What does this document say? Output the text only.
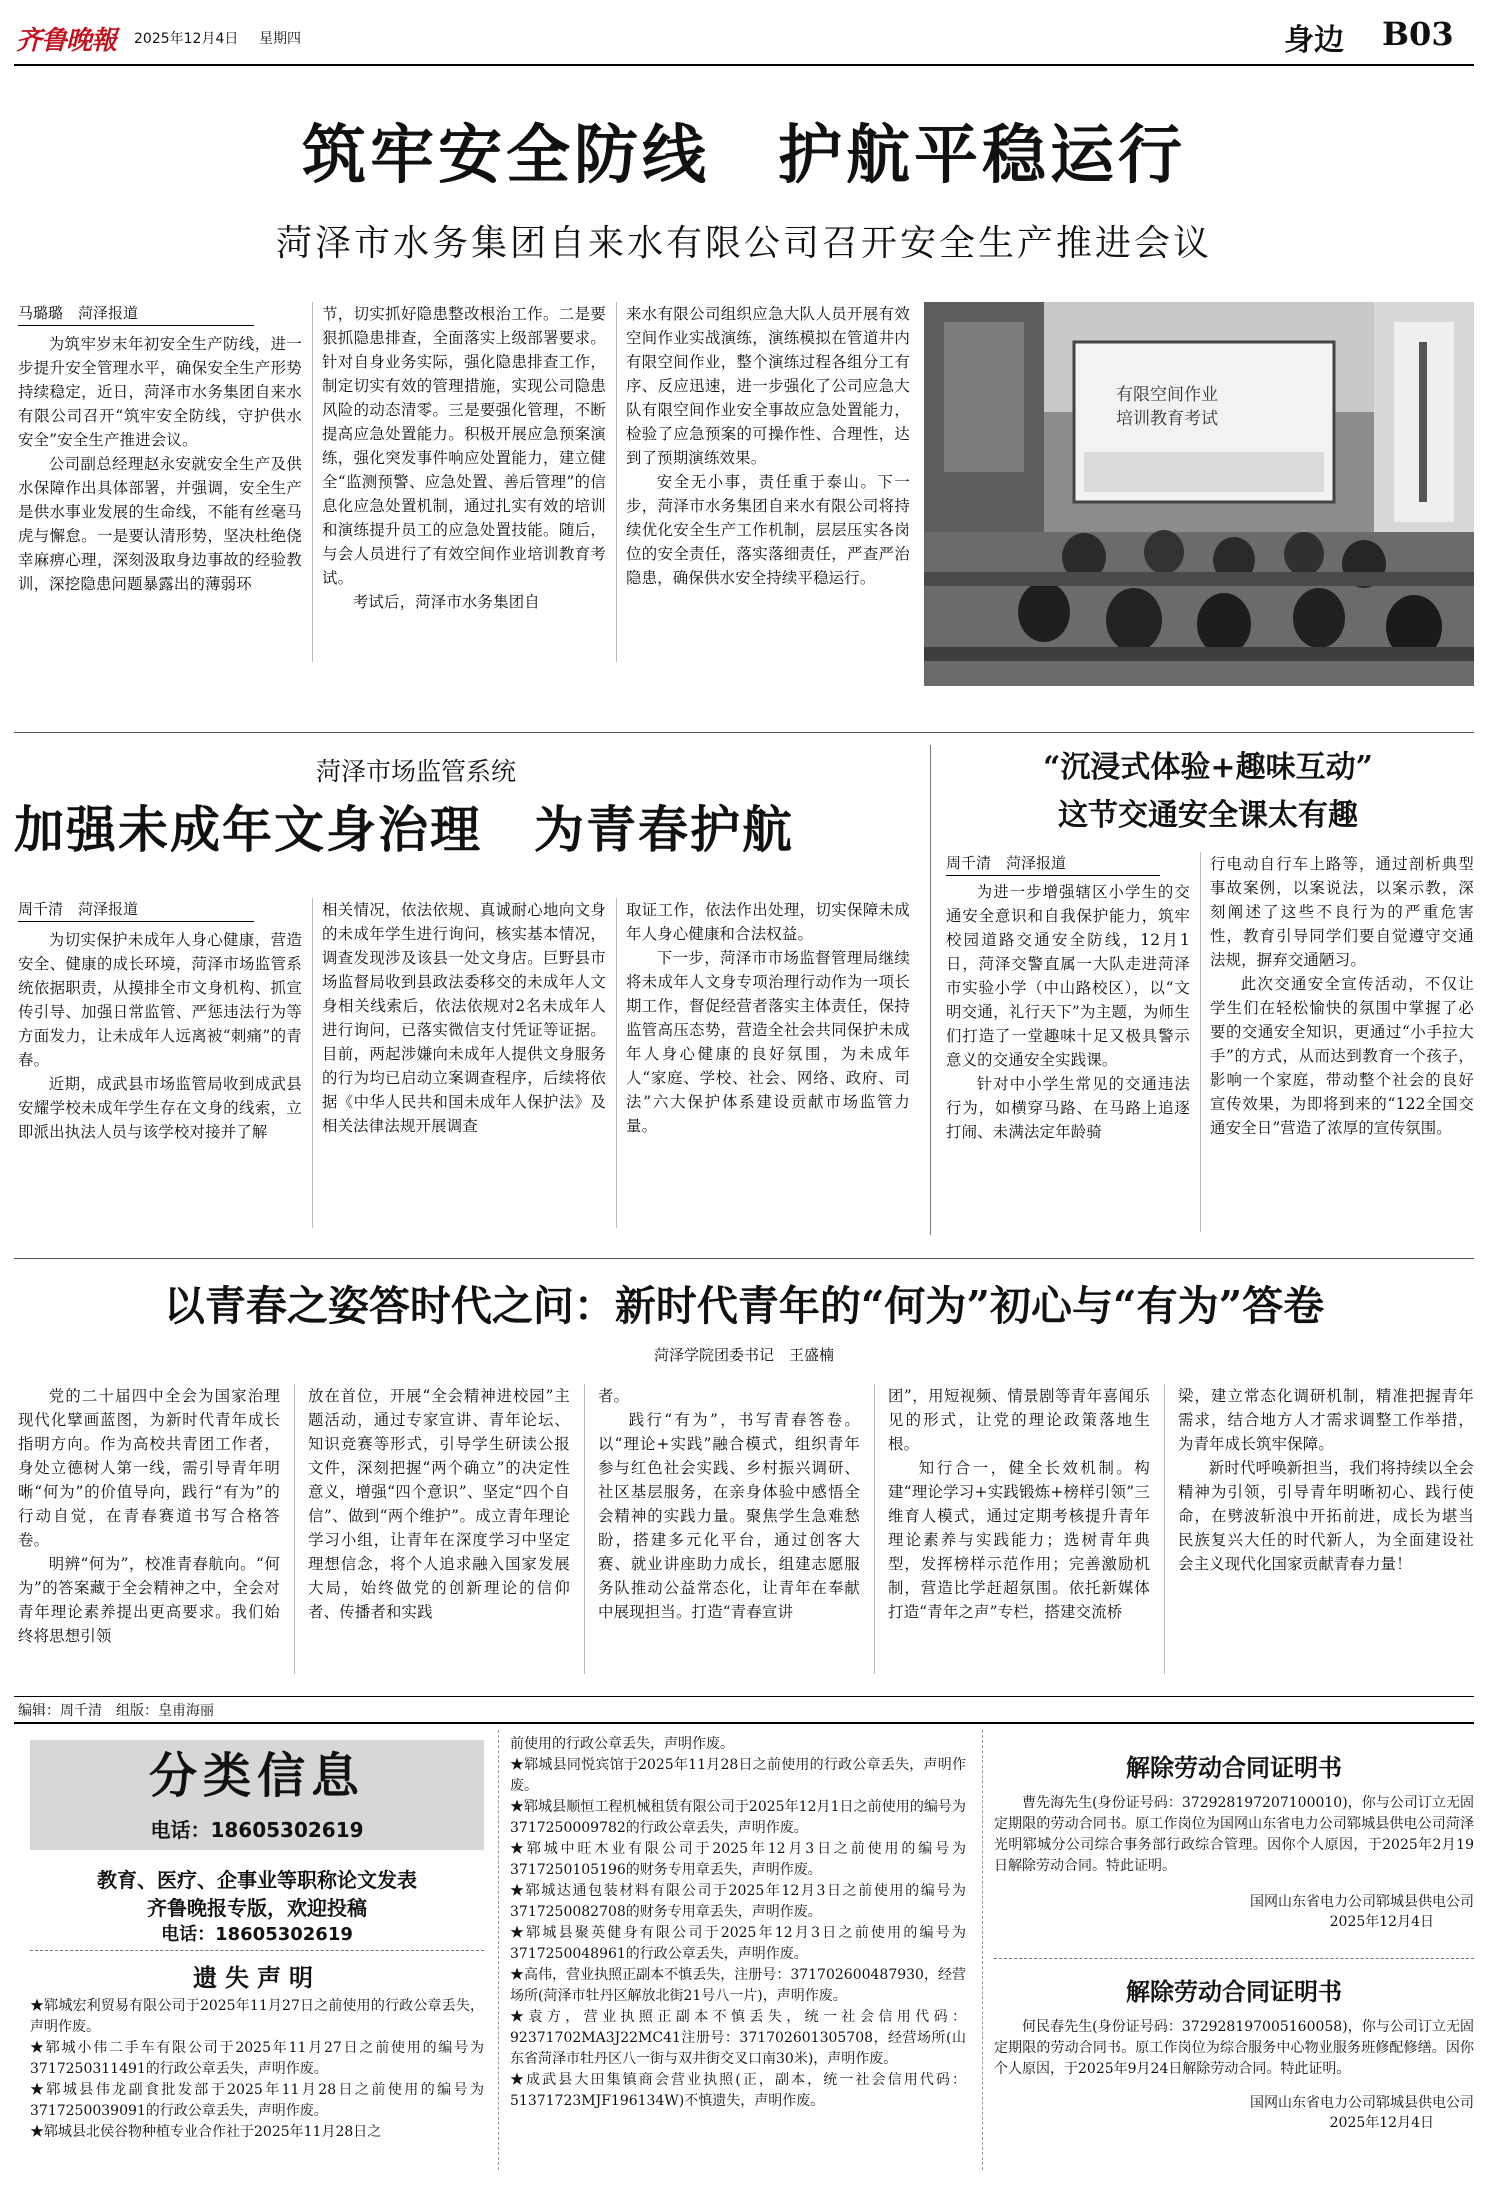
齐鲁晚報 2025年12月4日 星期四	身边 B03
筑牢安全防线　护航平稳运行
菏泽市水务集团自来水有限公司召开安全生产推进会议
马璐璐　菏泽报道

为筑牢岁末年初安全生产防线，进一步提升安全管理水平，确保安全生产形势持续稳定，近日，菏泽市水务集团自来水有限公司召开“筑牢安全防线，守护供水安全”安全生产推进会议。

公司副总经理赵永安就安全生产及供水保障作出具体部署，并强调，安全生产是供水事业发展的生命线，不能有丝毫马虎与懈怠。一是要认清形势，坚决杜绝侥幸麻痹心理，深刻汲取身边事故的经验教训，深挖隐患问题暴露出的薄弱环

节，切实抓好隐患整改根治工作。二是要狠抓隐患排查，全面落实上级部署要求。针对自身业务实际，强化隐患排查工作，制定切实有效的管理措施，实现公司隐患风险的动态清零。三是要强化管理，不断提高应急处置能力。积极开展应急预案演练，强化突发事件响应处置能力，建立健全“监测预警、应急处置、善后管理”的信息化应急处置机制，通过扎实有效的培训和演练提升员工的应急处置技能。随后，与会人员进行了有效空间作业培训教育考试。

考试后，菏泽市水务集团自

来水有限公司组织应急大队人员开展有效空间作业实战演练，演练模拟在管道井内有限空间作业，整个演练过程各组分工有序、反应迅速，进一步强化了公司应急大队有限空间作业安全事故应急处置能力，检验了应急预案的可操作性、合理性，达到了预期演练效果。

安全无小事，责任重于泰山。下一步，菏泽市水务集团自来水有限公司将持续优化安全生产工作机制，层层压实各岗位的安全责任，落实落细责任，严查严治隐患，确保供水安全持续平稳运行。

有限空间作业
培训教育考试
菏泽市场监管系统
加强未成年文身治理　为青春护航
周千清　菏泽报道

为切实保护未成年人身心健康，营造安全、健康的成长环境，菏泽市场监管系统依据职责，从摸排全市文身机构、抓宣传引导、加强日常监管、严惩违法行为等方面发力，让未成年人远离被“刺痛”的青春。

近期，成武县市场监管局收到成武县安耀学校未成年学生存在文身的线索，立即派出执法人员与该学校对接并了解

相关情况，依法依规、真诚耐心地向文身的未成年学生进行询问，核实基本情况，调查发现涉及该县一处文身店。巨野县市场监督局收到县政法委移交的未成年人文身相关线索后，依法依规对2名未成年人进行询问，已落实微信支付凭证等证据。目前，两起涉嫌向未成年人提供文身服务的行为均已启动立案调查程序，后续将依据《中华人民共和国未成年人保护法》及相关法律法规开展调查

取证工作，依法作出处理，切实保障未成年人身心健康和合法权益。

下一步，菏泽市市场监督管理局继续将未成年人文身专项治理行动作为一项长期工作，督促经营者落实主体责任，保持监管高压态势，营造全社会共同保护未成年人身心健康的良好氛围，为未成年人“家庭、学校、社会、网络、政府、司法”六大保护体系建设贡献市场监管力量。

“沉浸式体验+趣味互动”
这节交通安全课太有趣
周千清　菏泽报道

为进一步增强辖区小学生的交通安全意识和自我保护能力，筑牢校园道路交通安全防线，12月1日，菏泽交警直属一大队走进菏泽市实验小学（中山路校区），以“文明交通，礼行天下”为主题，为师生们打造了一堂趣味十足又极具警示意义的交通安全实践课。

针对中小学生常见的交通违法行为，如横穿马路、在马路上追逐打闹、未满法定年龄骑

行电动自行车上路等，通过剖析典型事故案例，以案说法，以案示教，深刻阐述了这些不良行为的严重危害性，教育引导同学们要自觉遵守交通法规，摒弃交通陋习。

此次交通安全宣传活动，不仅让学生们在轻松愉快的氛围中掌握了必要的交通安全知识，更通过“小手拉大手”的方式，从而达到教育一个孩子，影响一个家庭，带动整个社会的良好宣传效果，为即将到来的“122全国交通安全日”营造了浓厚的宣传氛围。

以青春之姿答时代之问：新时代青年的“何为”初心与“有为”答卷
菏泽学院团委书记　王盛楠

党的二十届四中全会为国家治理现代化擘画蓝图，为新时代青年成长指明方向。作为高校共青团工作者，身处立德树人第一线，需引导青年明晰“何为”的价值导向，践行“有为”的行动自觉，在青春赛道书写合格答卷。

明辨“何为”，校准青春航向。“何为”的答案藏于全会精神之中，全会对青年理论素养提出更高要求。我们始终将思想引领

放在首位，开展“全会精神进校园”主题活动，通过专家宣讲、青年论坛、知识竞赛等形式，引导学生研读公报文件，深刻把握“两个确立”的决定性意义，增强“四个意识”、坚定“四个自信”、做到“两个维护”。成立青年理论学习小组，让青年在深度学习中坚定理想信念，将个人追求融入国家发展大局，始终做党的创新理论的信仰者、传播者和实践

者。

践行“有为”，书写青春答卷。以“理论+实践”融合模式，组织青年参与红色社会实践、乡村振兴调研、社区基层服务，在亲身体验中感悟全会精神的实践力量。聚焦学生急难愁盼，搭建多元化平台，通过创客大赛、就业讲座助力成长，组建志愿服务队推动公益常态化，让青年在奉献中展现担当。打造“青春宣讲

团”，用短视频、情景剧等青年喜闻乐见的形式，让党的理论政策落地生根。

知行合一，健全长效机制。构建“理论学习+实践锻炼+榜样引领”三维育人模式，通过定期考核提升青年理论素养与实践能力；选树青年典型，发挥榜样示范作用；完善激励机制，营造比学赶超氛围。依托新媒体打造“青年之声”专栏，搭建交流桥

梁，建立常态化调研机制，精准把握青年需求，结合地方人才需求调整工作举措，为青年成长筑牢保障。

新时代呼唤新担当，我们将持续以全会精神为引领，引导青年明晰初心、践行使命，在劈波斩浪中开拓前进，成长为堪当民族复兴大任的时代新人，为全面建设社会主义现代化国家贡献青春力量！

编辑：周千清　组版：皇甫海丽
分类信息
电话：18605302619
教育、医疗、企事业等职称论文发表
齐鲁晚报专版，欢迎投稿
电话：18605302619
遗失声明

★郓城宏利贸易有限公司于2025年11月27日之前使用的行政公章丢失，声明作废。

★郓城小伟二手车有限公司于2025年11月27日之前使用的编号为3717250311491的行政公章丢失，声明作废。

★郓城县伟龙副食批发部于2025年11月28日之前使用的编号为3717250039091的行政公章丢失，声明作废。

★郓城县北侯谷物种植专业合作社于2025年11月28日之

前使用的行政公章丢失，声明作废。

★郓城县同悦宾馆于2025年11月28日之前使用的行政公章丢失，声明作废。

★郓城县顺恒工程机械租赁有限公司于2025年12月1日之前使用的编号为3717250009782的行政公章丢失，声明作废。

★郓城中旺木业有限公司于2025年12月3日之前使用的编号为3717250105196的财务专用章丢失，声明作废。

★郓城达通包装材料有限公司于2025年12月3日之前使用的编号为3717250082708的财务专用章丢失，声明作废。

★郓城县聚英健身有限公司于2025年12月3日之前使用的编号为3717250048961的行政公章丢失，声明作废。

★高伟，营业执照正副本不慎丢失，注册号：371702600487930，经营场所(菏泽市牡丹区解放北街21号八一片)，声明作废。

★袁方，营业执照正副本不慎丢失，统一社会信用代码：92371702MA3J22MC41注册号：371702601305708，经营场所(山东省菏泽市牡丹区八一街与双井街交叉口南30米)，声明作废。

★成武县大田集镇商会营业执照(正，副本，统一社会信用代码：51371723MJF196134W)不慎遗失，声明作废。

解除劳动合同证明书

曹先海先生(身份证号码：372928197207100010)，你与公司订立无固定期限的劳动合同书。原工作岗位为国网山东省电力公司郓城县供电公司菏泽光明郓城分公司综合事务部行政综合管理。因你个人原因，于2025年2月19日解除劳动合同。特此证明。

国网山东省电力公司郓城县供电公司
2025年12月4日
解除劳动合同证明书

何民春先生(身份证号码：372928197005160058)，你与公司订立无固定期限的劳动合同书。原工作岗位为综合服务中心物业服务班修配修缮。因你个人原因，于2025年9月24日解除劳动合同。特此证明。

国网山东省电力公司郓城县供电公司
2025年12月4日
